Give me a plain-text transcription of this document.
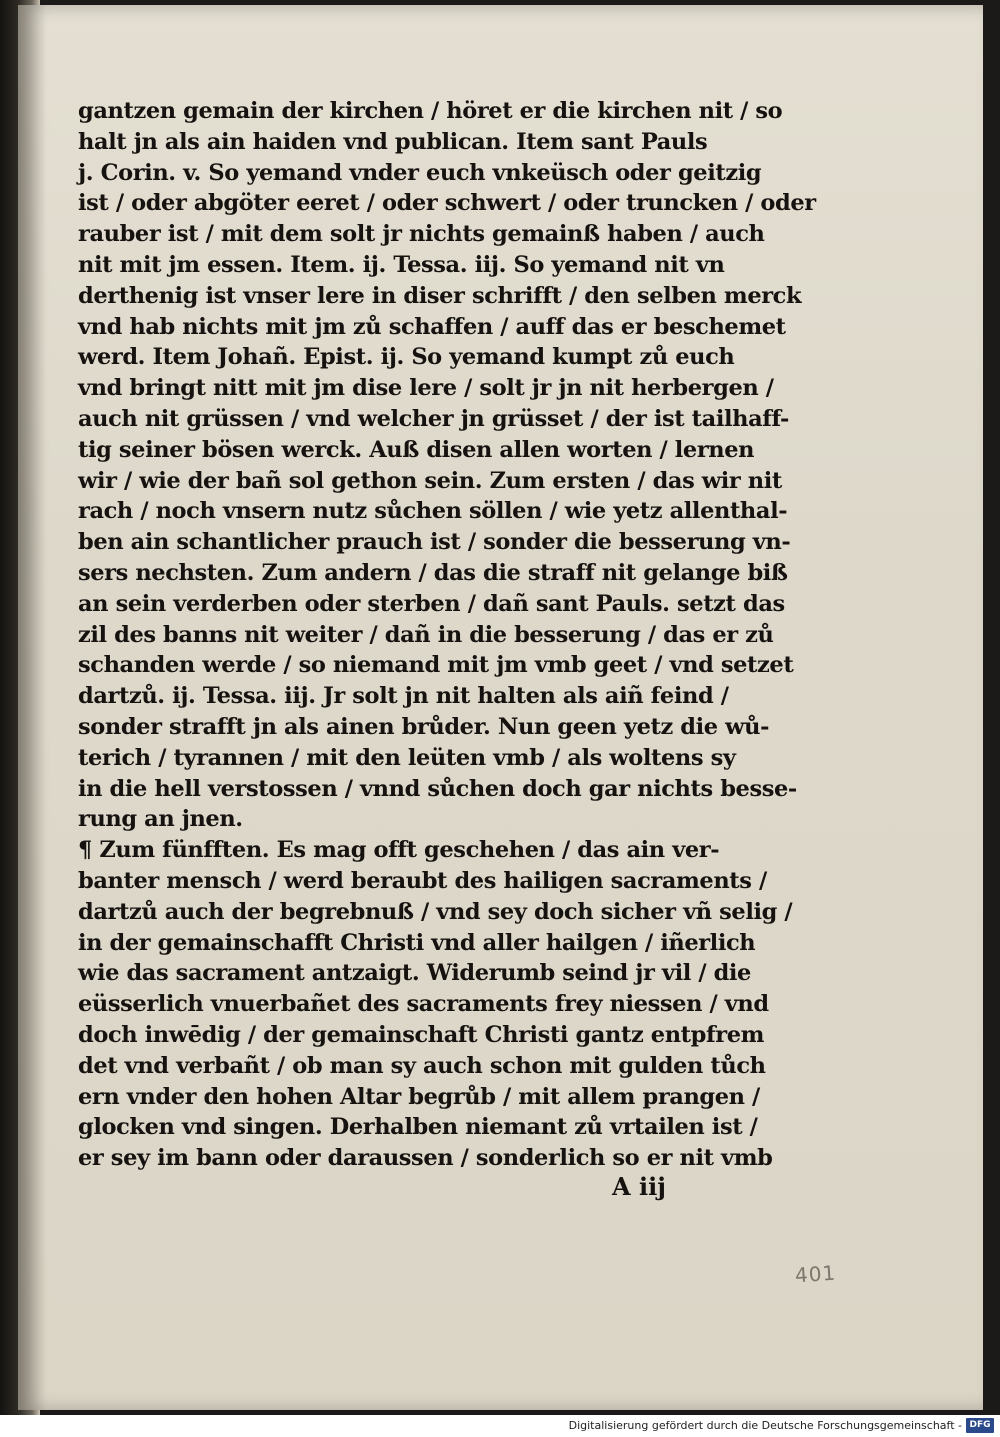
gantzen gemain der kirchen / höret er die kirchen nit / so
halt jn als ain haiden vnd publican. Item sant Pauls
j. Corin. v. So yemand vnder euch vnkeüsch oder geitzig
ist / oder abgöter eeret / oder schwert / oder truncken / oder
rauber ist / mit dem solt jr nichts gemainß haben / auch
nit mit jm essen. Item. ij. Tessa. iij. So yemand nit vn
derthenig ist vnser lere in diser schrifft / den selben merck
vnd hab nichts mit jm zů schaffen / auff das er beschemet
werd. Item Johañ. Epist. ij. So yemand kumpt zů euch
vnd bringt nitt mit jm dise lere / solt jr jn nit herbergen /
auch nit grüssen / vnd welcher jn grüsset / der ist tailhaff-
tig seiner bösen werck. Auß disen allen worten / lernen
wir / wie der bañ sol gethon sein. Zum ersten / das wir nit
rach / noch vnsern nutz sůchen söllen / wie yetz allenthal-
ben ain schantlicher prauch ist / sonder die besserung vn-
sers nechsten. Zum andern / das die straff nit gelange biß
an sein verderben oder sterben / dañ sant Pauls. setzt das
zil des banns nit weiter / dañ in die besserung / das er zů
schanden werde / so niemand mit jm vmb geet / vnd setzet
dartzů. ij. Tessa. iij. Jr solt jn nit halten als aiñ feind /
sonder strafft jn als ainen brůder. Nun geen yetz die wů-
terich / tyrannen / mit den leüten vmb / als woltens sy
in die hell verstossen / vnnd sůchen doch gar nichts besse-
rung an jnen.
¶ Zum fünfften. Es mag offt geschehen / das ain ver-
banter mensch / werd beraubt des hailigen sacraments /
dartzů auch der begrebnuß / vnd sey doch sicher vñ selig /
in der gemainschafft Christi vnd aller hailgen / iñerlich
wie das sacrament antzaigt. Widerumb seind jr vil / die
eüsserlich vnuerbañet des sacraments frey niessen / vnd
doch inwēdig / der gemainschaft Christi gantz entpfrem
det vnd verbañt / ob man sy auch schon mit gulden tůch
ern vnder den hohen Altar begrůb / mit allem prangen /
glocken vnd singen. Derhalben niemant zů vrtailen ist /
er sey im bann oder daraussen / sonderlich so er nit vmb
A iij
401
Digitalisierung gefördert durch die Deutsche Forschungsgemeinschaft - DFG
